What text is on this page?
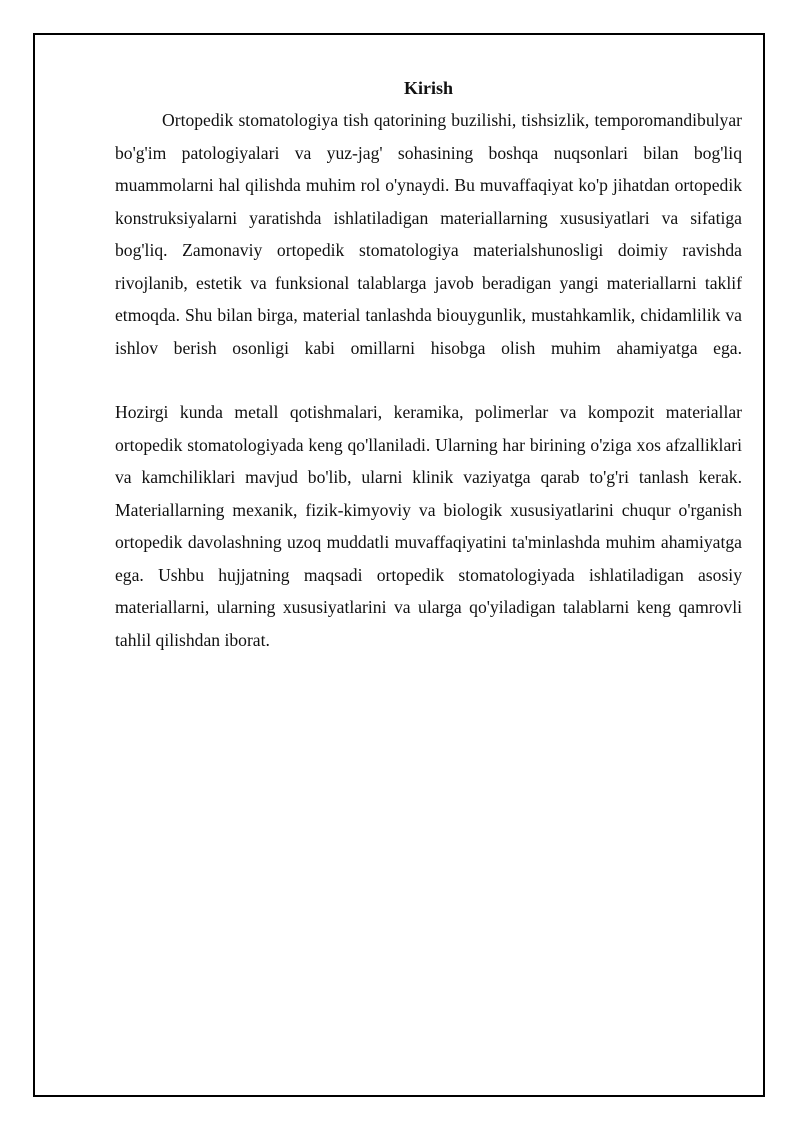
Kirish

Ortopedik stomatologiya tish qatorining buzilishi, tishsizlik, temporomandibulyar bo'g'im patologiyalari va yuz-jag' sohasining boshqa nuqsonlari bilan bog'liq muammolarni hal qilishda muhim rol o'ynaydi. Bu muvaffaqiyat ko'p jihatdan ortopedik konstruksiyalarni yaratishda ishlatiladigan materiallarning xususiyatlari va sifatiga bog'liq. Zamonaviy ortopedik stomatologiya materialshunosligi doimiy ravishda rivojlanib, estetik va funksional talablarga javob beradigan yangi materiallarni taklif etmoqda. Shu bilan birga, material tanlashda biouygunlik, mustahkamlik, chidamlilik va ishlov berish osonligi kabi omillarni hisobga olish muhim ahamiyatga ega.

Hozirgi kunda metall qotishmalari, keramika, polimerlar va kompozit materiallar ortopedik stomatologiyada keng qo'llaniladi. Ularning har birining o'ziga xos afzalliklari va kamchiliklari mavjud bo'lib, ularni klinik vaziyatga qarab to'g'ri tanlash kerak. Materiallarning mexanik, fizik-kimyoviy va biologik xususiyatlarini chuqur o'rganish ortopedik davolashning uzoq muddatli muvaffaqiyatini ta'minlashda muhim ahamiyatga ega. Ushbu hujjatning maqsadi ortopedik stomatologiyada ishlatiladigan asosiy materiallarni, ularning xususiyatlarini va ularga qo'yiladigan talablarni keng qamrovli tahlil qilishdan iborat.
